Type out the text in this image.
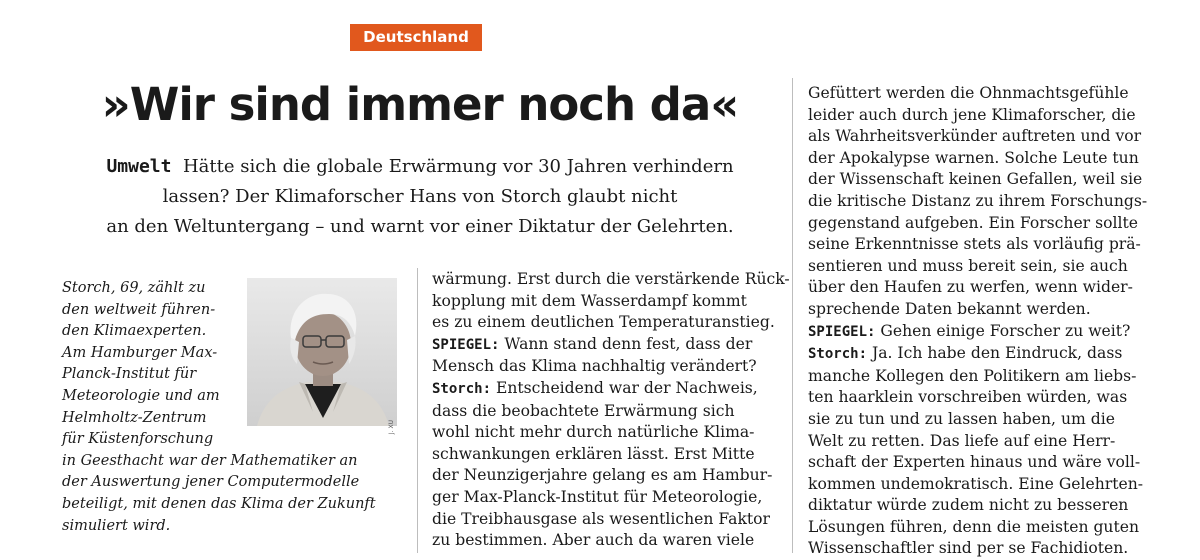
Deutschland
»Wir sind immer noch da«

Umwelt Hätte sich die globale Erwärmung vor 30 Jahren verhindern
lassen? Der Klimaforscher Hans von Storch glaubt nicht
an den Weltuntergang – und warnt vor einer Diktatur der Gelehrten.

Storch, 69, zählt zu
den weltweit führen-
den Klimaexperten.
Am Hamburger Max-
Planck-Institut für
Meteorologie und am
Helmholtz-Zentrum
für Küstenforschung
in Geesthacht war der Mathematiker an
der Auswertung jener Computermodelle
beteiligt, mit denen das Klima der Zukunft
simuliert wird.
J. XU
wärmung. Erst durch die verstärkende Rück-
kopplung mit dem Wasserdampf kommt
es zu einem deutlichen Temperaturanstieg.
SPIEGEL: Wann stand denn fest, dass der
Mensch das Klima nachhaltig verändert?
Storch: Entscheidend war der Nachweis,
dass die beobachtete Erwärmung sich
wohl nicht mehr durch natürliche Klima-
schwankungen erklären lässt. Erst Mitte
der Neunzigerjahre gelang es am Hambur-
ger Max-Planck-Institut für Meteorologie,
die Treibhausgase als wesentlichen Faktor
zu bestimmen. Aber auch da waren viele
Gefüttert werden die Ohnmachtsgefühle
leider auch durch jene Klimaforscher, die
als Wahrheitsverkünder auftreten und vor
der Apokalypse warnen. Solche Leute tun
der Wissenschaft keinen Gefallen, weil sie
die kritische Distanz zu ihrem Forschungs-
gegenstand aufgeben. Ein Forscher sollte
seine Erkenntnisse stets als vorläufig prä-
sentieren und muss bereit sein, sie auch
über den Haufen zu werfen, wenn wider-
sprechende Daten bekannt werden.
SPIEGEL: Gehen einige Forscher zu weit?
Storch: Ja. Ich habe den Eindruck, dass
manche Kollegen den Politikern am liebs-
ten haarklein vorschreiben würden, was
sie zu tun und zu lassen haben, um die
Welt zu retten. Das liefe auf eine Herr-
schaft der Experten hinaus und wäre voll-
kommen undemokratisch. Eine Gelehrten-
diktatur würde zudem nicht zu besseren
Lösungen führen, denn die meisten guten
Wissenschaftler sind per se Fachidioten.
